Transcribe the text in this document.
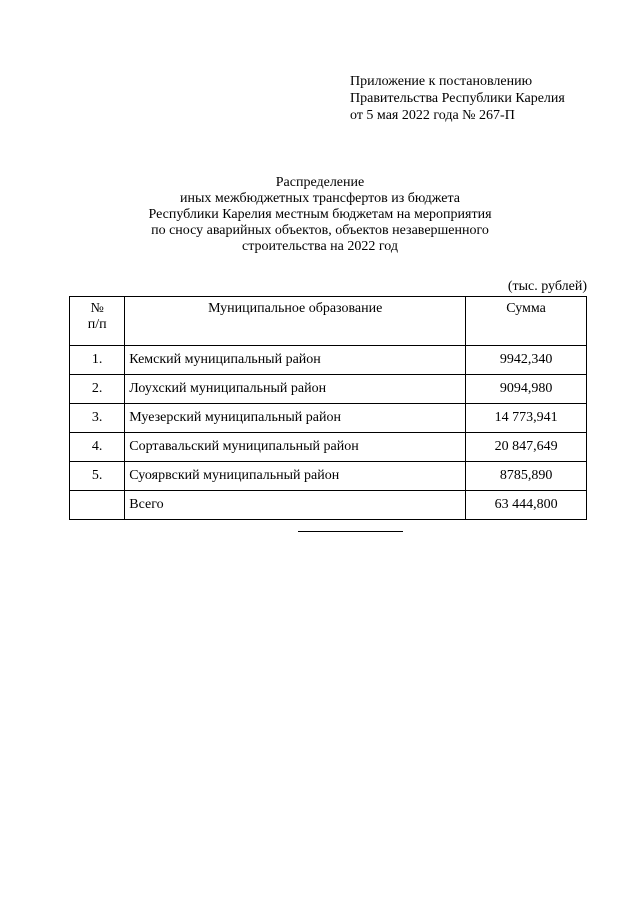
Приложение к постановлению
Правительства Республики Карелия
от 5 мая 2022 года № 267-П
Распределение
иных межбюджетных трансфертов из бюджета
Республики Карелия местным бюджетам на мероприятия
по сносу аварийных объектов, объектов незавершенного
строительства на 2022 год
(тыс. рублей)
№
п/п	Муниципальное образование	Сумма
1.	Кемский муниципальный район	9942,340
2.	Лоухский муниципальный район	9094,980
3.	Муезерский муниципальный район	14 773,941
4.	Сортавальский муниципальный район	20 847,649
5.	Суоярвский муниципальный район	8785,890
	Всего	63 444,800
